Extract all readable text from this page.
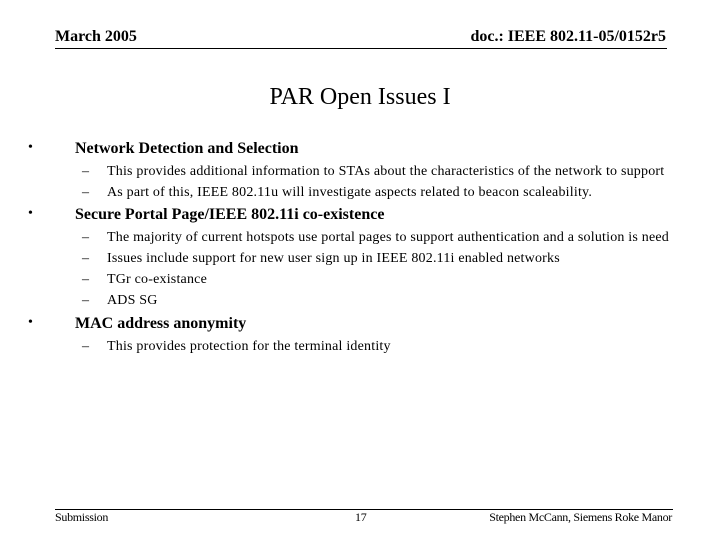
March 2005	doc.: IEEE 802.11-05/0152r5
PAR Open Issues I
•	Network Detection and Selection
– This provides additional information to STAs about the characteristics of the network to support
– As part of this, IEEE 802.11u will investigate aspects related to beacon scaleability.
•	Secure Portal Page/IEEE 802.11i co-existence
– The majority of current hotspots use portal pages to support authentication and a solution is need
– Issues include support for new user sign up in IEEE 802.11i enabled networks
– TGr co-existance
– ADS SG
•	MAC address anonymity
– This provides protection for the terminal identity
Submission	17	Stephen McCann, Siemens Roke Manor
